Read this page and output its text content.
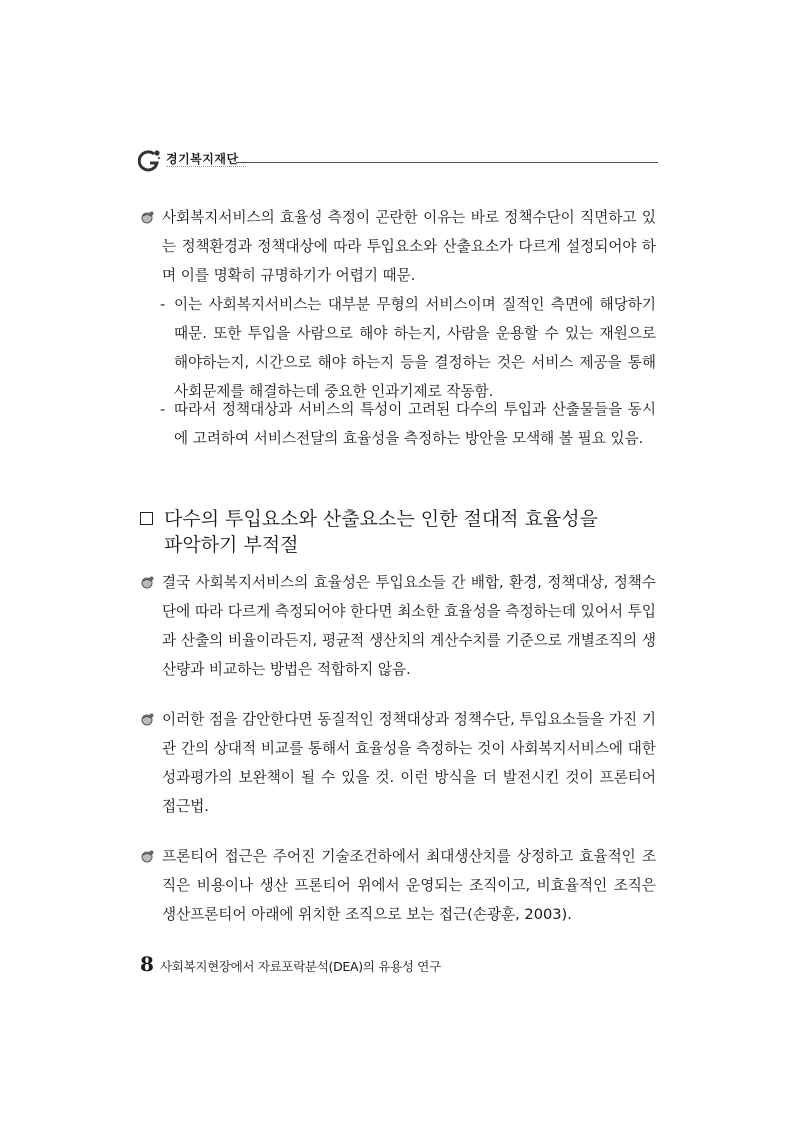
경기복지재단
사회복지서비스의 효율성 측정이 곤란한 이유는 바로 정책수단이 직면하고 있는 정책환경과 정책대상에 따라 투입요소와 산출요소가 다르게 설정되어야 하며 이를 명확히 규명하기가 어렵기 때문.
- 이는 사회복지서비스는 대부분 무형의 서비스이며 질적인 측면에 해당하기 때문. 또한 투입을 사람으로 해야 하는지, 사람을 운용할 수 있는 재원으로 해야하는지, 시간으로 해야 하는지 등을 결정하는 것은 서비스 제공을 통해 사회문제를 해결하는데 중요한 인과기제로 작동함.
- 따라서 정책대상과 서비스의 특성이 고려된 다수의 투입과 산출물들을 동시에 고려하여 서비스전달의 효율성을 측정하는 방안을 모색해 볼 필요 있음.
다수의 투입요소와 산출요소는 인한 절대적 효율성을
파악하기 부적절
결국 사회복지서비스의 효율성은 투입요소들 간 배합, 환경, 정책대상, 정책수단에 따라 다르게 측정되어야 한다면 최소한 효율성을 측정하는데 있어서 투입과 산출의 비율이라든지, 평균적 생산치의 계산수치를 기준으로 개별조직의 생산량과 비교하는 방법은 적합하지 않음.
이러한 점을 감안한다면 동질적인 정책대상과 정책수단, 투입요소들을 가진 기관 간의 상대적 비교를 통해서 효율성을 측정하는 것이 사회복지서비스에 대한 성과평가의 보완책이 될 수 있을 것. 이런 방식을 더 발전시킨 것이 프론티어 접근법.
프론티어 접근은 주어진 기술조건하에서 최대생산치를 상정하고 효율적인 조직은 비용이나 생산 프론티어 위에서 운영되는 조직이고, 비효율적인 조직은 생산프론티어 아래에 위치한 조직으로 보는 접근(손광훈, 2003).
8 사회복지현장에서 자료포락분석(DEA)의 유용성 연구
